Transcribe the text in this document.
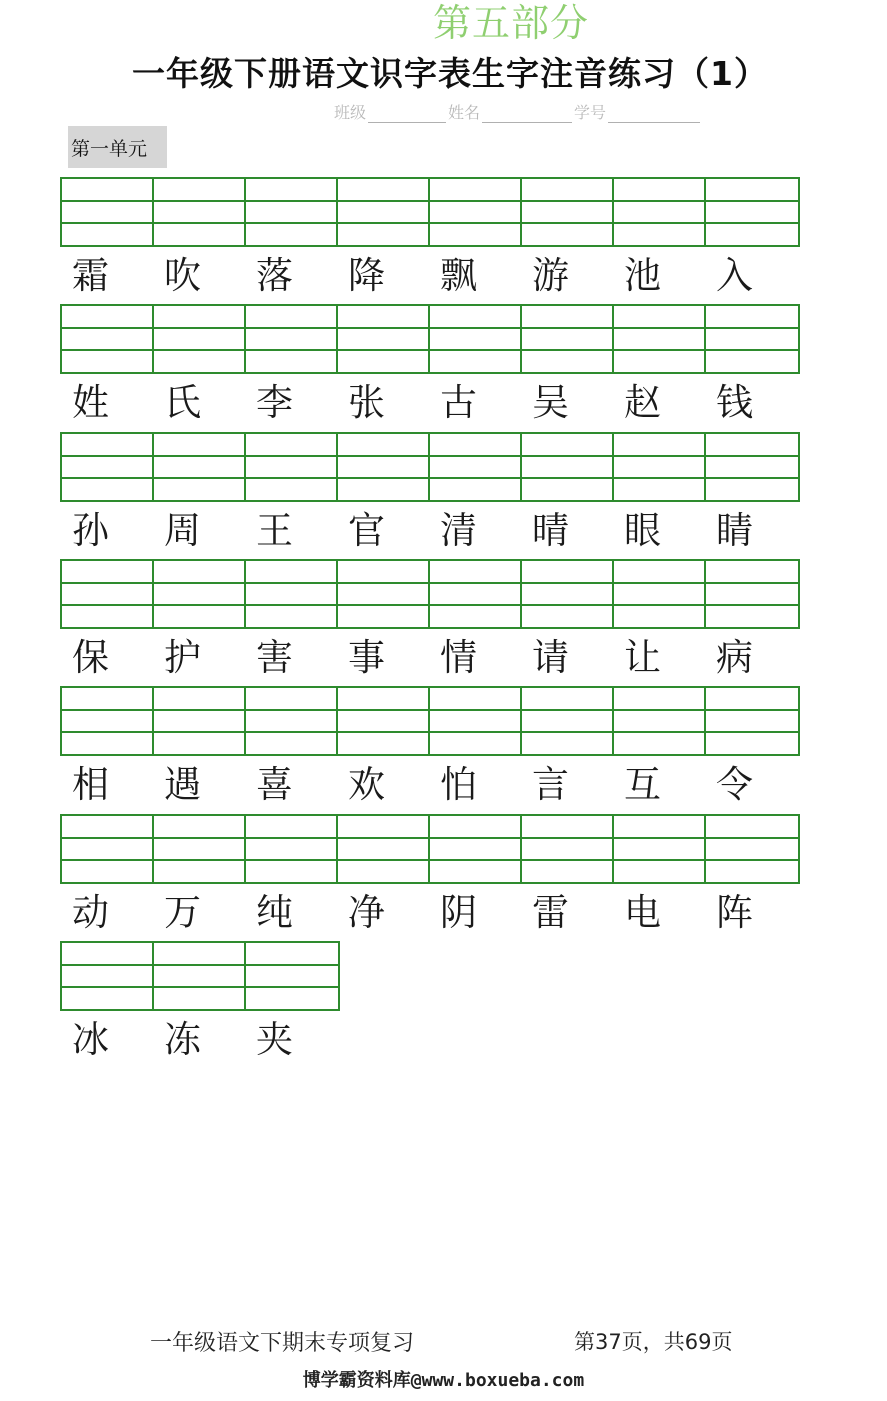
第五部分
一年级下册语文识字表生字注音练习（1）
班级	姓名	学号
第一单元
霜	吹	落	降	飘	游	池	入
姓	氏	李	张	古	吴	赵	钱
孙	周	王	官	清	晴	眼	睛
保	护	害	事	情	请	让	病
相	遇	喜	欢	怕	言	互	令
动	万	纯	净	阴	雷	电	阵
冰	冻	夹
一年级语文下期末专项复习	第37页，共69页
博学霸资料库@www.boxueba.com
